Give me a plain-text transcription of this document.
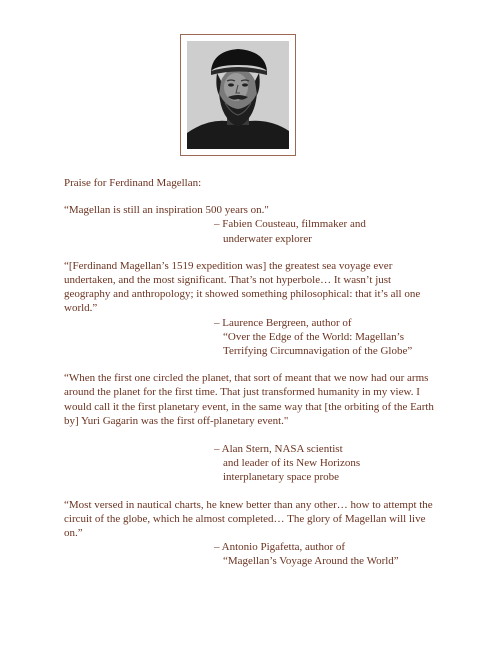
Praise for Ferdinand Magellan:

“Magellan is still an inspiration 500 years on."

– Fabien Cousteau, filmmaker and
underwater explorer

“[Ferdinand Magellan’s 1519 expedition was] the greatest sea voyage ever undertaken, and the most significant. That’s not hyperbole… It wasn’t just geography and anthropology; it showed something philosophical: that it’s all one world.”

– Laurence Bergreen, author of
“Over the Edge of the World: Magellan’s
Terrifying Circumnavigation of the Globe”

“When the first one circled the planet, that sort of meant that we now had our arms around the planet for the first time. That just transformed humanity in my view. I would call it the first planetary event, in the same way that [the orbiting of the Earth by] Yuri Gagarin was the first off-planetary event."

– Alan Stern, NASA scientist
and leader of its New Horizons
interplanetary space probe

“Most versed in nautical charts, he knew better than any other… how to attempt the circuit of the globe, which he almost completed… The glory of Magellan will live on.”

– Antonio Pigafetta, author of
“Magellan’s Voyage Around the World”
